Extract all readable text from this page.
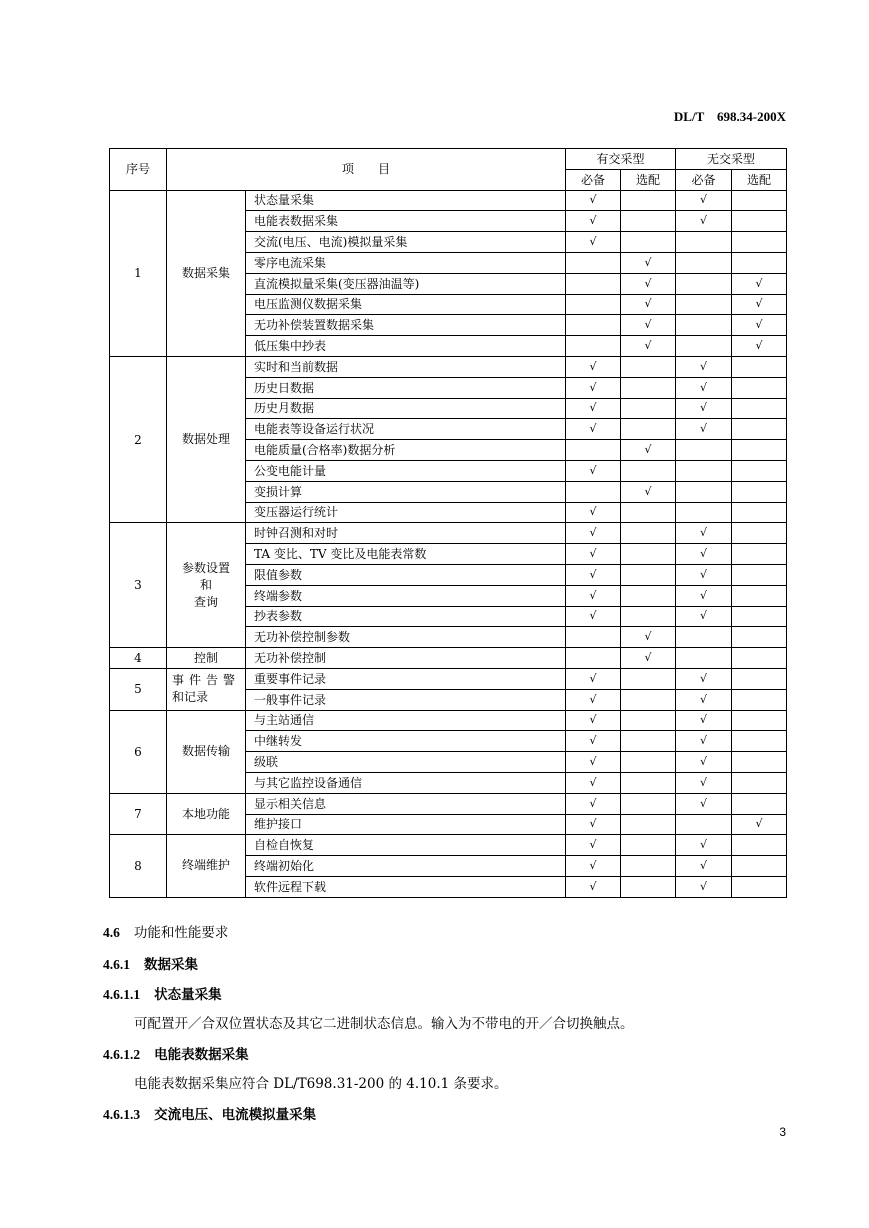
DL/T　698.34-200X
序号	项　　目		有交采型		无交采型	
			必备	选配	必备	选配
1	数据采集	状态量采集	√		√	
		电能表数据采集	√		√	
		交流(电压、电流)模拟量采集	√			
		零序电流采集		√		
		直流模拟量采集(变压器油温等)		√		√
		电压监测仪数据采集		√		√
		无功补偿装置数据采集		√		√
		低压集中抄表		√		√
2	数据处理	实时和当前数据	√		√	
		历史日数据	√		√	
		历史月数据	√		√	
		电能表等设备运行状况	√		√	
		电能质量(合格率)数据分析		√		
		公变电能计量	√			
		变损计算		√		
		变压器运行统计	√			
3	参数设置
和
查询	时钟召测和对时	√		√	
		TA 变比、TV 变比及电能表常数	√		√	
		限值参数	√		√	
		终端参数	√		√	
		抄表参数	√		√	
		无功补偿控制参数		√		
4	控制	无功补偿控制		√		
5	事件告警
和记录	重要事件记录	√		√	
		一般事件记录	√		√	
6	数据传输	与主站通信	√		√	
		中继转发	√		√	
		级联	√		√	
		与其它监控设备通信	√		√	
7	本地功能	显示相关信息	√		√	
		维护接口	√			√
8	终端维护	自检自恢复	√		√	
		终端初始化	√		√	
		软件远程下载	√		√	
4.6 功能和性能要求
4.6.1 数据采集
4.6.1.1 状态量采集
可配置开／合双位置状态及其它二进制状态信息。输入为不带电的开／合切换触点。
4.6.1.2 电能表数据采集
电能表数据采集应符合 DL/T698.31-200 的 4.10.1 条要求。
4.6.1.3 交流电压、电流模拟量采集
3
